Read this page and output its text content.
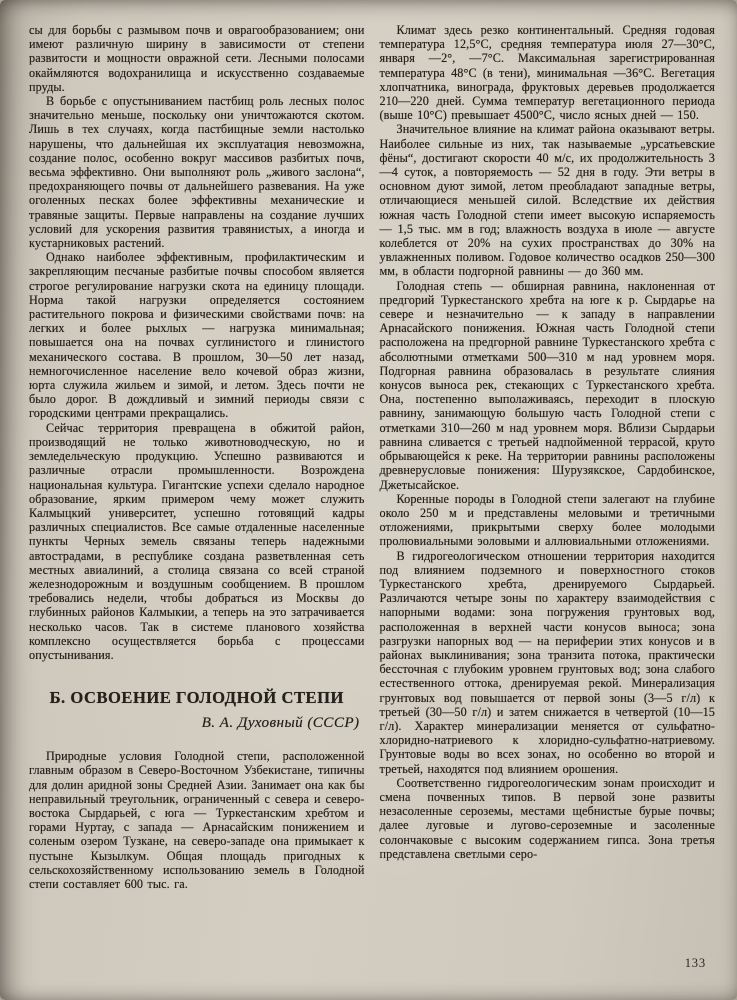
сы для борьбы с размывом почв и оврагообразованием; они имеют различную ширину в зависимости от степени развитости и мощности овражной сети. Лесными полосами окаймляются водохранилища и искусственно создаваемые пруды.

В борьбе с опустыниванием пастбищ роль лесных полос значительно меньше, поскольку они уничтожаются скотом. Лишь в тех случаях, когда пастбищные земли настолько нарушены, что дальнейшая их эксплуатация невозможна, создание полос, особенно вокруг массивов разбитых почв, весьма эффективно. Они выполняют роль „живого заслона“, предохраняющего почвы от дальнейшего развевания. На уже оголенных песках более эффективны механические и травяные защиты. Первые направлены на создание лучших условий для ускорения развития травянистых, а иногда и кустарниковых растений.

Однако наиболее эффективным, профилактическим и закрепляющим песчаные разбитые почвы способом является строгое регулирование нагрузки скота на единицу площади. Норма такой нагрузки определяется состоянием растительного покрова и физическими свойствами почв: на легких и более рыхлых — нагрузка минимальная; повышается она на почвах суглинистого и глинистого механического состава. В прошлом, 30—50 лет назад, немногочисленное население вело кочевой образ жизни, юрта служила жильем и зимой, и летом. Здесь почти не было дорог. В дождливый и зимний периоды связи с городскими центрами прекращались.

Сейчас территория превращена в обжитой район, производящий не только животноводческую, но и земледельческую продукцию. Успешно развиваются и различные отрасли промышленности. Возрождена национальная культура. Гигантские успехи сделало народное образование, ярким примером чему может служить Калмыцкий университет, успешно готовящий кадры различных специалистов. Все самые отдаленные населенные пункты Черных земель связаны теперь надежными автострадами, в республике создана разветвленная сеть местных авиалиний, а столица связана со всей страной железнодорожным и воздушным сообщением. В прошлом требовались недели, чтобы добраться из Москвы до глубинных районов Калмыкии, а теперь на это затрачивается несколько часов. Так в системе планового хозяйства комплексно осуществляется борьба с процессами опустынивания.

Б. ОСВОЕНИЕ ГОЛОДНОЙ СТЕПИ
В. А. Духовный (СССР)

Природные условия Голодной степи, расположенной главным образом в Северо-Восточном Узбекистане, типичны для долин аридной зоны Средней Азии. Занимает она как бы неправильный треугольник, ограниченный с севера и северо-востока Сырдарьей, с юга — Туркестанским хребтом и горами Нуртау, с запада — Арнасайским понижением и соленым озером Тузкане, на северо-западе она примыкает к пустыне Кызылкум. Общая площадь пригодных к сельскохозяйственному использованию земель в Голодной степи составляет 600 тыс. га.

Климат здесь резко континентальный. Средняя годовая температура 12,5°С, средняя температура июля 27—30°С, января —2°, —7°С. Максимальная зарегистрированная температура 48°С (в тени), минимальная —36°С. Вегетация хлопчатника, винограда, фруктовых деревьев продолжается 210—220 дней. Сумма температур вегетационного периода (выше 10°С) превышает 4500°С, число ясных дней — 150.

Значительное влияние на климат района оказывают ветры. Наиболее сильные из них, так называемые „урсатьевские фёны“, достигают скорости 40 м/с, их продолжительность 3—4 суток, а повторяемость — 52 дня в году. Эти ветры в основном дуют зимой, летом преобладают западные ветры, отличающиеся меньшей силой. Вследствие их действия южная часть Голодной степи имеет высокую испаряемость — 1,5 тыс. мм в год; влажность воздуха в июле — августе колеблется от 20% на сухих пространствах до 30% на увлажненных поливом. Годовое количество осадков 250—300 мм, в области подгорной равнины — до 360 мм.

Голодная степь — обширная равнина, наклоненная от предгорий Туркестанского хребта на юге к р. Сырдарье на севере и незначительно — к западу в направлении Арнасайского понижения. Южная часть Голодной степи расположена на предгорной равнине Туркестанского хребта с абсолютными отметками 500—310 м над уровнем моря. Подгорная равнина образовалась в результате слияния конусов выноса рек, стекающих с Туркестанского хребта. Она, постепенно выполаживаясь, переходит в плоскую равнину, занимающую большую часть Голодной степи с отметками 310—260 м над уровнем моря. Вблизи Сырдарьи равнина сливается с третьей надпойменной террасой, круто обрывающейся к реке. На территории равнины расположены древнерусловые понижения: Шурузякское, Сардобинское, Джетысайское.

Коренные породы в Голодной степи залегают на глубине около 250 м и представлены меловыми и третичными отложениями, прикрытыми сверху более молодыми пролювиальными эоловыми и аллювиальными отложениями.

В гидрогеологическом отношении территория находится под влиянием подземного и поверхностного стоков Туркестанского хребта, дренируемого Сырдарьей. Различаются четыре зоны по характеру взаимодействия с напорными водами: зона погружения грунтовых вод, расположенная в верхней части конусов выноса; зона разгрузки напорных вод — на периферии этих конусов и в районах выклинивания; зона транзита потока, практически бессточная с глубоким уровнем грунтовых вод; зона слабого естественного оттока, дренируемая рекой. Минерализация грунтовых вод повышается от первой зоны (3—5 г/л) к третьей (30—50 г/л) и затем снижается в четвертой (10—15 г/л). Характер минерализации меняется от сульфатно-хлоридно-натриевого к хлоридно-сульфатно-натриевому. Грунтовые воды во всех зонах, но особенно во второй и третьей, находятся под влиянием орошения.

Соответственно гидрогеологическим зонам происходит и смена почвенных типов. В первой зоне развиты незасоленные сероземы, местами щебнистые бурые почвы; далее луговые и лугово-сероземные и засоленные солончаковые с высоким содержанием гипса. Зона третья представлена светлыми серо-

133
